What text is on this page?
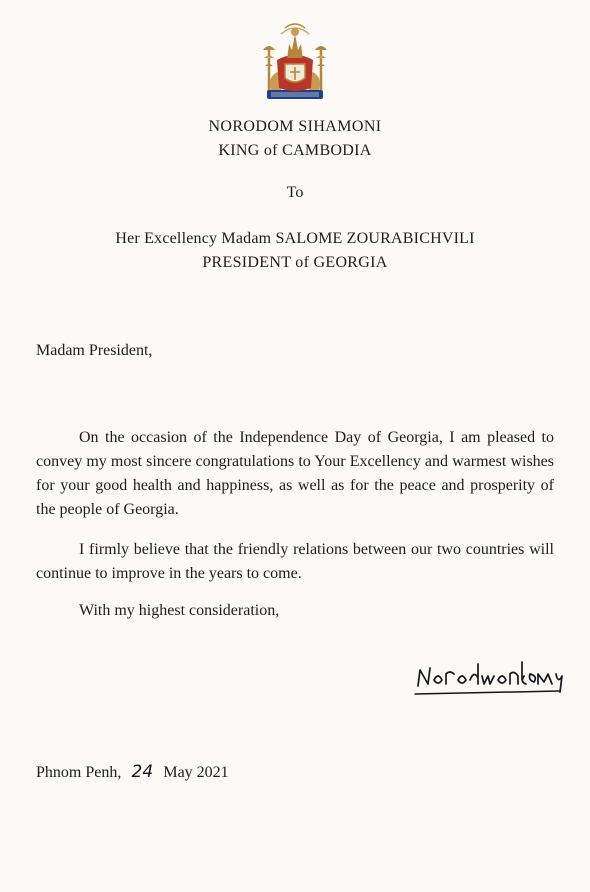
NORODOM SIHAMONI
KING of CAMBODIA
To
Her Excellency Madam SALOME ZOURABICHVILI
PRESIDENT of GEORGIA
Madam President,
On the occasion of the Independence Day of Georgia, I am pleased to convey my most sincere congratulations to Your Excellency and warmest wishes for your good health and happiness, as well as for the peace and prosperity of the people of Georgia.
I firmly believe that the friendly relations between our two countries will continue to improve in the years to come.
With my highest consideration,
Phnom Penh, 24 May 2021
